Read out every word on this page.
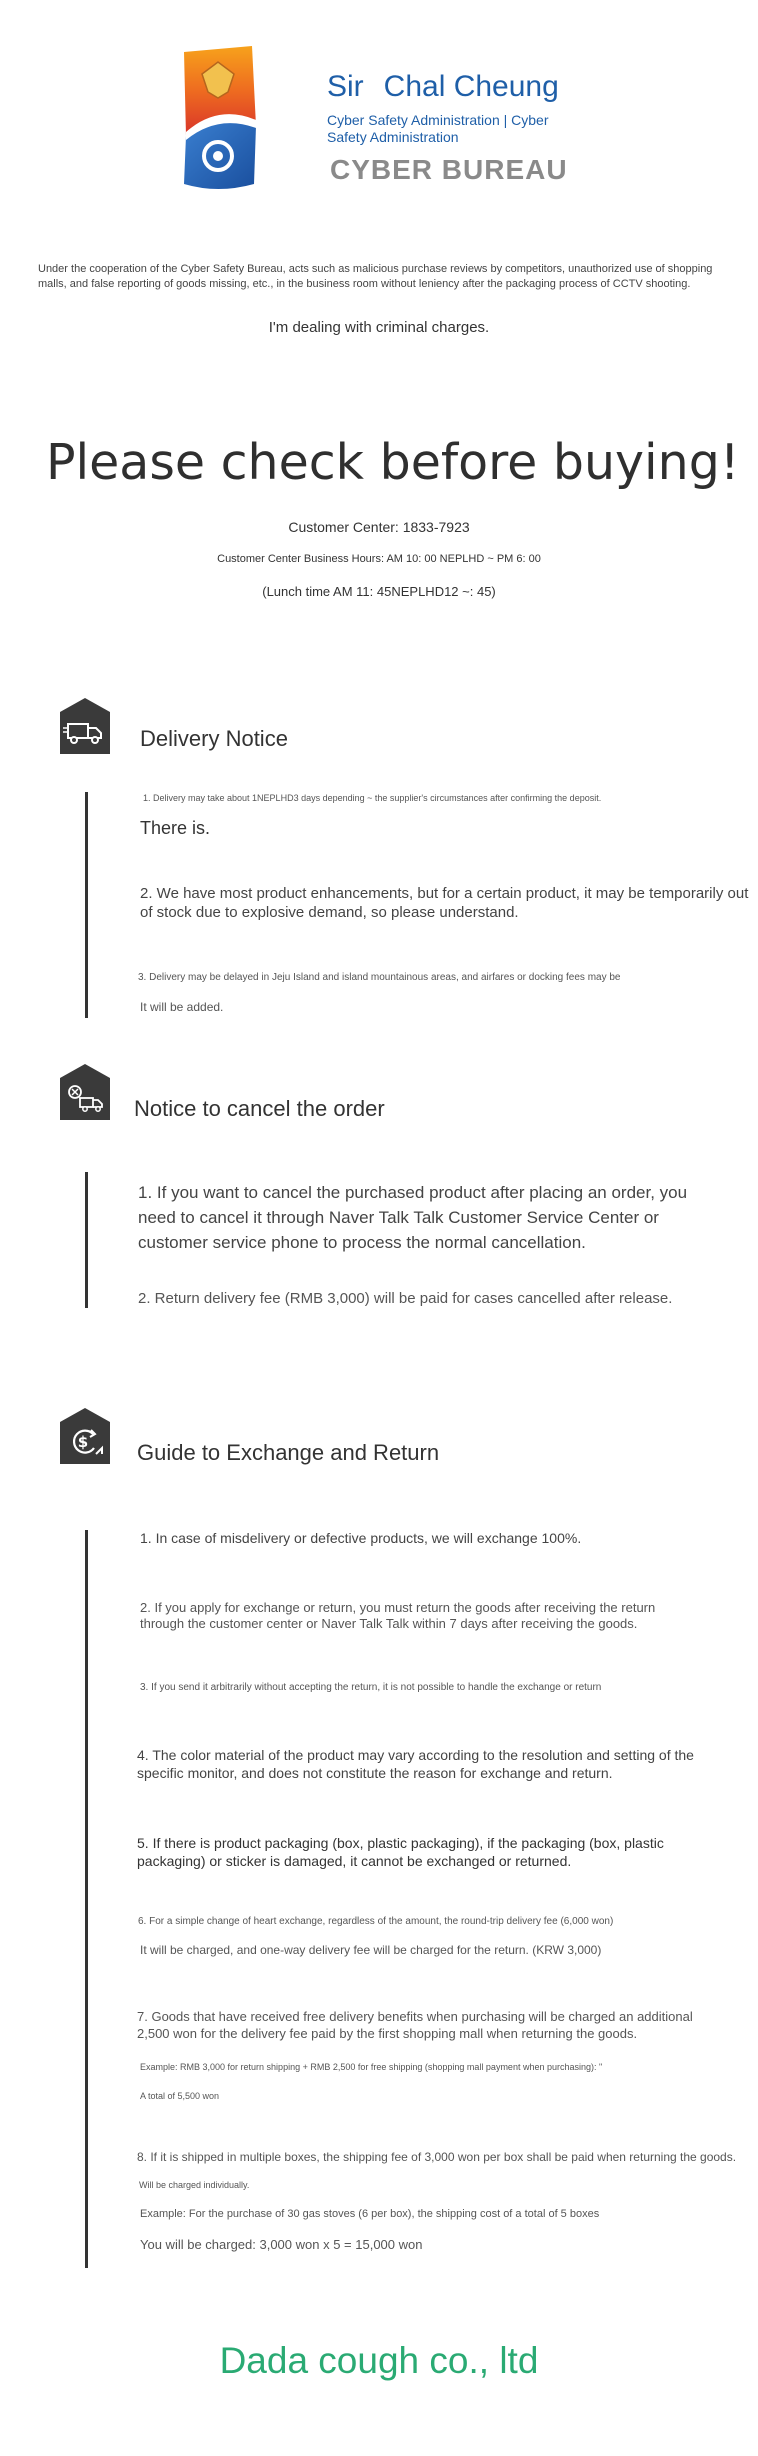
Sir Chal Cheung
Cyber Safety Administration | Cyber Safety Administration
CYBER BUREAU
Under the cooperation of the Cyber Safety Bureau, acts such as malicious purchase reviews by competitors, unauthorized use of shopping malls, and false reporting of goods missing, etc., in the business room without leniency after the packaging process of CCTV shooting.
I'm dealing with criminal charges.
Please check before buying!
Customer Center: 1833-7923
Customer Center Business Hours: AM 10: 00 NEPLHD ~ PM 6: 00
(Lunch time AM 11: 45NEPLHD12 ~: 45)
Delivery Notice
1. Delivery may take about 1NEPLHD3 days depending ~ the supplier's circumstances after confirming the deposit.
There is.
2. We have most product enhancements, but for a certain product, it may be temporarily out of stock due to explosive demand, so please understand.
3. Delivery may be delayed in Jeju Island and island mountainous areas, and airfares or docking fees may be
It will be added.
Notice to cancel the order
1. If you want to cancel the purchased product after placing an order, you need to cancel it through Naver Talk Talk Customer Service Center or customer service phone to process the normal cancellation.
2. Return delivery fee (RMB 3,000) will be paid for cases cancelled after release.
$ Guide to Exchange and Return
1. In case of misdelivery or defective products, we will exchange 100%.
2. If you apply for exchange or return, you must return the goods after receiving the return through the customer center or Naver Talk Talk within 7 days after receiving the goods.
3. If you send it arbitrarily without accepting the return, it is not possible to handle the exchange or return
4. The color material of the product may vary according to the resolution and setting of the specific monitor, and does not constitute the reason for exchange and return.
5. If there is product packaging (box, plastic packaging), if the packaging (box, plastic packaging) or sticker is damaged, it cannot be exchanged or returned.
6. For a simple change of heart exchange, regardless of the amount, the round-trip delivery fee (6,000 won)
It will be charged, and one-way delivery fee will be charged for the return. (KRW 3,000)
7. Goods that have received free delivery benefits when purchasing will be charged an additional 2,500 won for the delivery fee paid by the first shopping mall when returning the goods.
Example: RMB 3,000 for return shipping + RMB 2,500 for free shipping (shopping mall payment when purchasing): "
A total of 5,500 won
8. If it is shipped in multiple boxes, the shipping fee of 3,000 won per box shall be paid when returning the goods.
Will be charged individually.
Example: For the purchase of 30 gas stoves (6 per box), the shipping cost of a total of 5 boxes
You will be charged: 3,000 won x 5 = 15,000 won
Dada cough co., ltd
